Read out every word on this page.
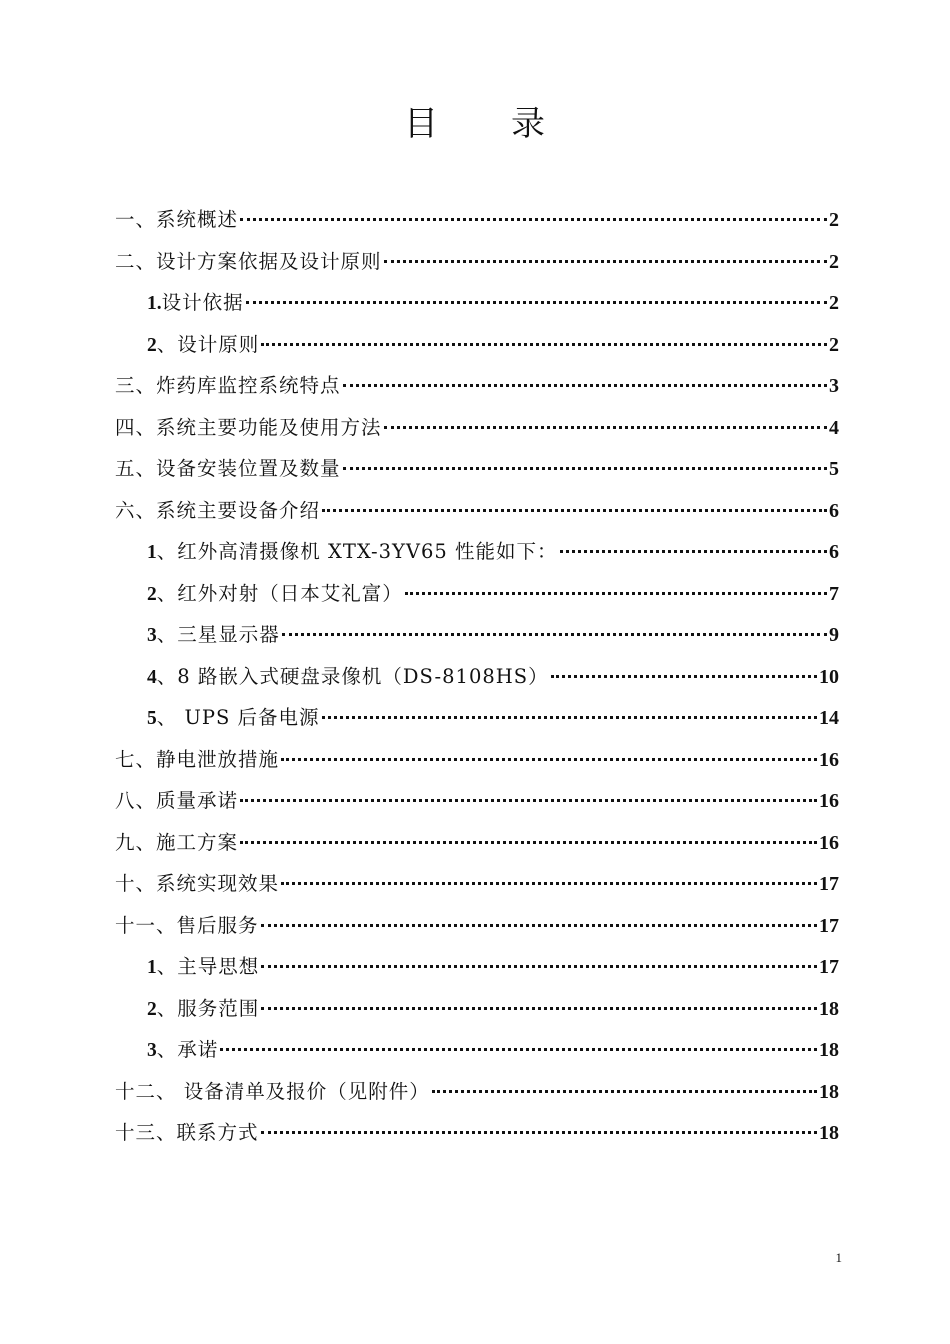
目 录
一、系统概述	2
二、设计方案依据及设计原则	2
1.设计依据	2
2、设计原则	2
三、炸药库监控系统特点	3
四、系统主要功能及使用方法	4
五、设备安装位置及数量	5
六、系统主要设备介绍	6
1、红外高清摄像机 XTX-3YV65 性能如下：	6
2、红外对射（日本艾礼富）	7
3、三星显示器	9
4、8 路嵌入式硬盘录像机（DS-8108HS）	10
5、 UPS 后备电源	14
七、静电泄放措施	16
八、质量承诺	16
九、施工方案	16
十、系统实现效果	17
十一、售后服务	17
1、主导思想	17
2、服务范围	18
3、承诺	18
十二、 设备清单及报价（见附件）	18
十三、联系方式	18
1
